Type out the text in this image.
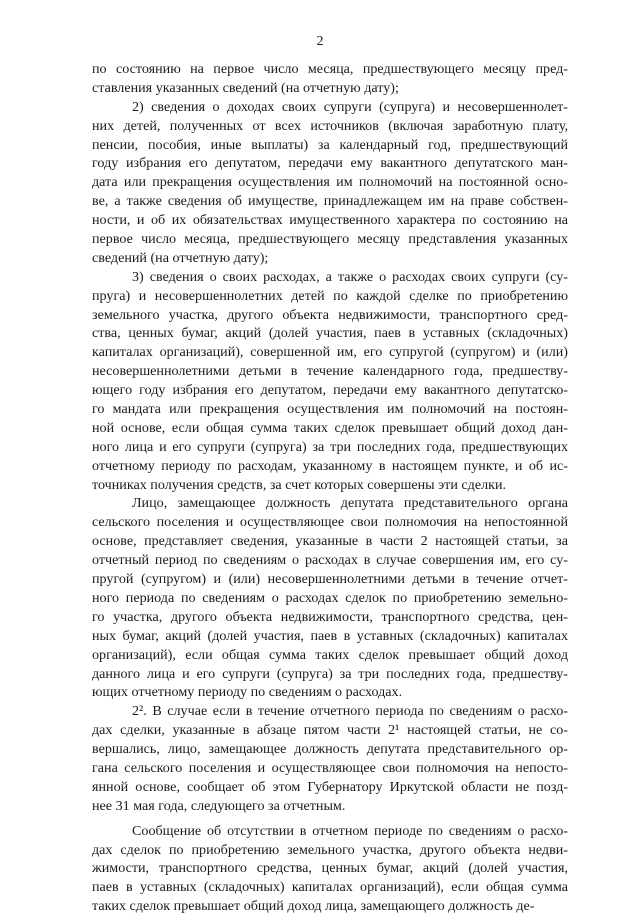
2
по состоянию на первое число месяца, предшествующего месяцу пред-
ставления указанных сведений (на отчетную дату);
2) сведения о доходах своих супруги (супруга) и несовершеннолет-
них детей, полученных от всех источников (включая заработную плату,
пенсии, пособия, иные выплаты) за календарный год, предшествующий
году избрания его депутатом, передачи ему вакантного депутатского ман-
дата или прекращения осуществления им полномочий на постоянной осно-
ве, а также сведения об имуществе, принадлежащем им на праве собствен-
ности, и об их обязательствах имущественного характера по состоянию на
первое число месяца, предшествующего месяцу представления указанных
сведений (на отчетную дату);
3) сведения о своих расходах, а также о расходах своих супруги (су-
пруга) и несовершеннолетних детей по каждой сделке по приобретению
земельного участка, другого объекта недвижимости, транспортного сред-
ства, ценных бумаг, акций (долей участия, паев в уставных (складочных)
капиталах организаций), совершенной им, его супругой (супругом) и (или)
несовершеннолетними детьми в течение календарного года, предшеству-
ющего году избрания его депутатом, передачи ему вакантного депутатско-
го мандата или прекращения осуществления им полномочий на постоян-
ной основе, если общая сумма таких сделок превышает общий доход дан-
ного лица и его супруги (супруга) за три последних года, предшествующих
отчетному периоду по расходам, указанному в настоящем пункте, и об ис-
точниках получения средств, за счет которых совершены эти сделки.
Лицо, замещающее должность депутата представительного органа
сельского поселения и осуществляющее свои полномочия на непостоянной
основе, представляет сведения, указанные в части 2 настоящей статьи, за
отчетный период по сведениям о расходах в случае совершения им, его су-
пругой (супругом) и (или) несовершеннолетними детьми в течение отчет-
ного периода по сведениям о расходах сделок по приобретению земельно-
го участка, другого объекта недвижимости, транспортного средства, цен-
ных бумаг, акций (долей участия, паев в уставных (складочных) капиталах
организаций), если общая сумма таких сделок превышает общий доход
данного лица и его супруги (супруга) за три последних года, предшеству-
ющих отчетному периоду по сведениям о расходах.
2². В случае если в течение отчетного периода по сведениям о расхо-
дах сделки, указанные в абзаце пятом части 2¹ настоящей статьи, не со-
вершались, лицо, замещающее должность депутата представительного ор-
гана сельского поселения и осуществляющее свои полномочия на непосто-
янной основе, сообщает об этом Губернатору Иркутской области не позд-
нее 31 мая года, следующего за отчетным.
Сообщение об отсутствии в отчетном периоде по сведениям о расхо-
дах сделок по приобретению земельного участка, другого объекта недви-
жимости, транспортного средства, ценных бумаг, акций (долей участия,
паев в уставных (складочных) капиталах организаций), если общая сумма
таких сделок превышает общий доход лица, замещающего должность де-
